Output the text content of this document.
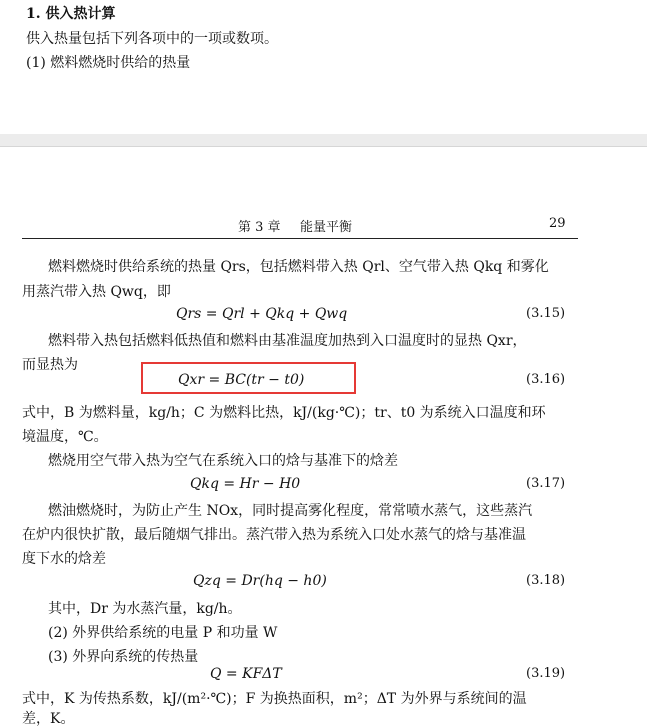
1. 供入热计算
供入热量包括下列各项中的一项或数项。
(1) 燃料燃烧时供给的热量
第 3 章 能量平衡	29
燃料燃烧时供给系统的热量 Qrs，包括燃料带入热 Qrl、空气带入热 Qkq 和雾化
用蒸汽带入热 Qwq，即
Qrs = Qrl + Qkq + Qwq	(3.15)
燃料带入热包括燃料低热值和燃料由基准温度加热到入口温度时的显热 Qxr，
而显热为
Qxr = BC(tr − t0)	(3.16)
式中，B 为燃料量，kg/h；C 为燃料比热，kJ/(kg·℃)；tr、t0 为系统入口温度和环
境温度，℃。
燃烧用空气带入热为空气在系统入口的焓与基准下的焓差
Qkq = Hr − H0	(3.17)
燃油燃烧时，为防止产生 NOx，同时提高雾化程度，常常喷水蒸气，这些蒸汽
在炉内很快扩散，最后随烟气排出。蒸汽带入热为系统入口处水蒸气的焓与基准温
度下水的焓差
Qzq = Dr(hq − h0)	(3.18)
其中，Dr 为水蒸汽量，kg/h。
(2) 外界供给系统的电量 P 和功量 W
(3) 外界向系统的传热量
Q = KFΔT	(3.19)
式中，K 为传热系数，kJ/(m²·℃)；F 为换热面积，m²；ΔT 为外界与系统间的温
差，K。
